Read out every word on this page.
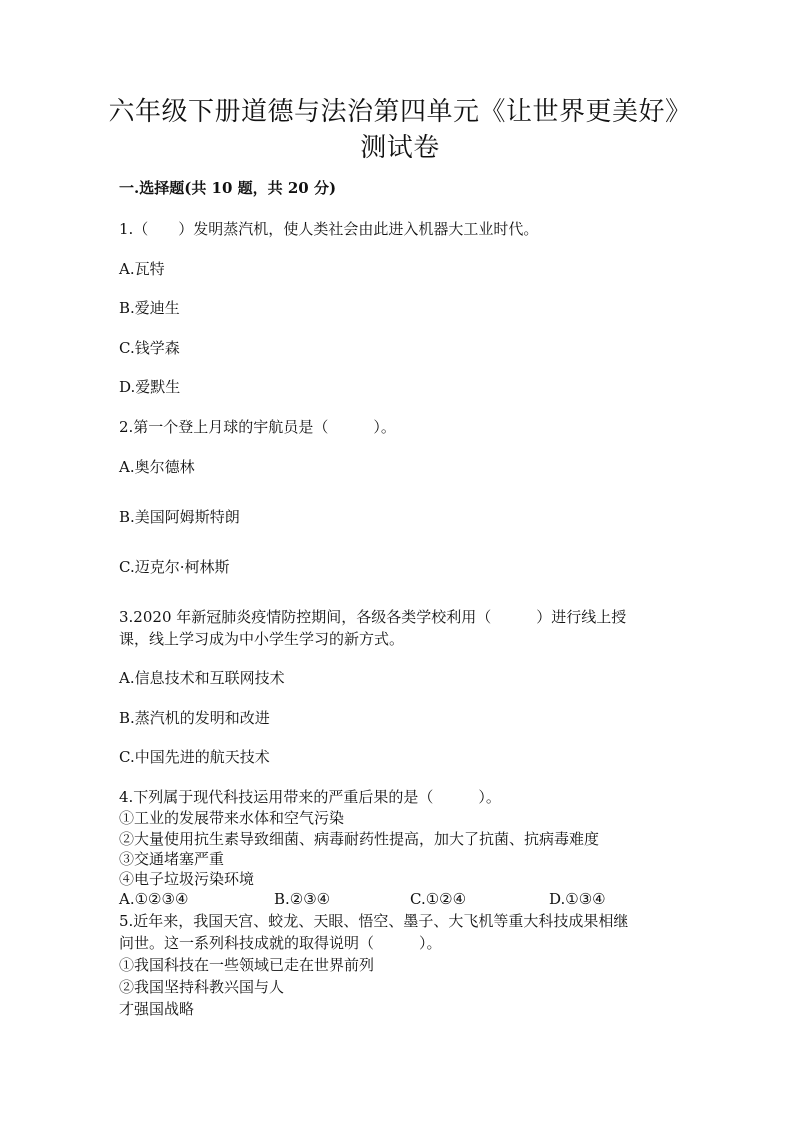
六年级下册道德与法治第四单元《让世界更美好》
测试卷
一.选择题(共 10 题，共 20 分)

1.（　　）发明蒸汽机，使人类社会由此进入机器大工业时代。

A.瓦特

B.爱迪生

C.钱学森

D.爱默生

2.第一个登上月球的宇航员是（　　　）。

A.奥尔德林

B.美国阿姆斯特朗

C.迈克尔·柯林斯

3.2020 年新冠肺炎疫情防控期间，各级各类学校利用（　　　）进行线上授

课，线上学习成为中小学生学习的新方式。

A.信息技术和互联网技术

B.蒸汽机的发明和改进

C.中国先进的航天技术

4.下列属于现代科技运用带来的严重后果的是（　　　）。

①工业的发展带来水体和空气污染

②大量使用抗生素导致细菌、病毒耐药性提高，加大了抗菌、抗病毒难度

③交通堵塞严重

④电子垃圾污染环境

A.①②③④	B.②③④	C.①②④	D.①③④

5.近年来，我国天宫、蛟龙、天眼、悟空、墨子、大飞机等重大科技成果相继

问世。这一系列科技成就的取得说明（　　　）。

①我国科技在一些领域已走在世界前列

②我国坚持科教兴国与人

才强国战略
